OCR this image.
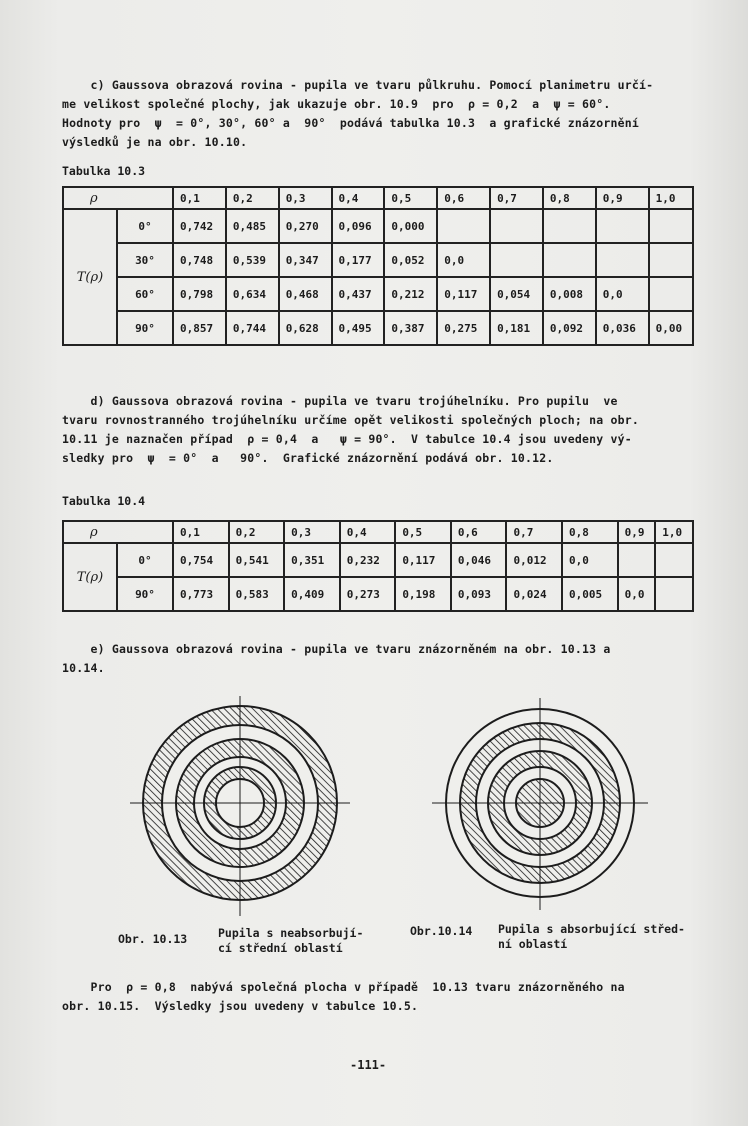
c) Gaussova obrazová rovina - pupila ve tvaru půlkruhu. Pomocí planimetru určí-
me velikost společné plochy, jak ukazuje obr. 10.9  pro  ρ = 0,2  a  ψ = 60°.
Hodnoty pro  ψ  = 0°, 30°, 60° a  90°  podává tabulka 10.3  a grafické znázornění
výsledků je na obr. 10.10.
Tabulka 10.3
ρ		0,1	0,2	0,3	0,4	0,5	0,6	0,7	0,8	0,9	1,0
T(ρ)	0°	0,742	0,485	0,270	0,096	0,000					
	30°	0,748	0,539	0,347	0,177	0,052	0,0				
	60°	0,798	0,634	0,468	0,437	0,212	0,117	0,054	0,008	0,0	
	90°	0,857	0,744	0,628	0,495	0,387	0,275	0,181	0,092	0,036	0,00
d) Gaussova obrazová rovina - pupila ve tvaru trojúhelníku. Pro pupilu  ve
tvaru rovnostranného trojúhelníku určíme opět velikosti společných ploch; na obr.
10.11 je naznačen případ  ρ = 0,4  a   ψ = 90°.  V tabulce 10.4 jsou uvedeny vý-
sledky pro  ψ  = 0°  a   90°.  Grafické znázornění podává obr. 10.12.
Tabulka 10.4
ρ		0,1	0,2	0,3	0,4	0,5	0,6	0,7	0,8	0,9	1,0
T(ρ)	0°	0,754	0,541	0,351	0,232	0,117	0,046	0,012	0,0		
	90°	0,773	0,583	0,409	0,273	0,198	0,093	0,024	0,005	0,0	
e) Gaussova obrazová rovina - pupila ve tvaru znázorněném na obr. 10.13 a
10.14.
Obr. 10.13	Pupila s neabsorbují-
cí střední oblastí
Obr.10.14 Pupila s absorbující střed-
ní oblastí
Pro  ρ = 0,8  nabývá společná plocha v případě  10.13 tvaru znázorněného na
obr. 10.15.  Výsledky jsou uvedeny v tabulce 10.5.
-111-
